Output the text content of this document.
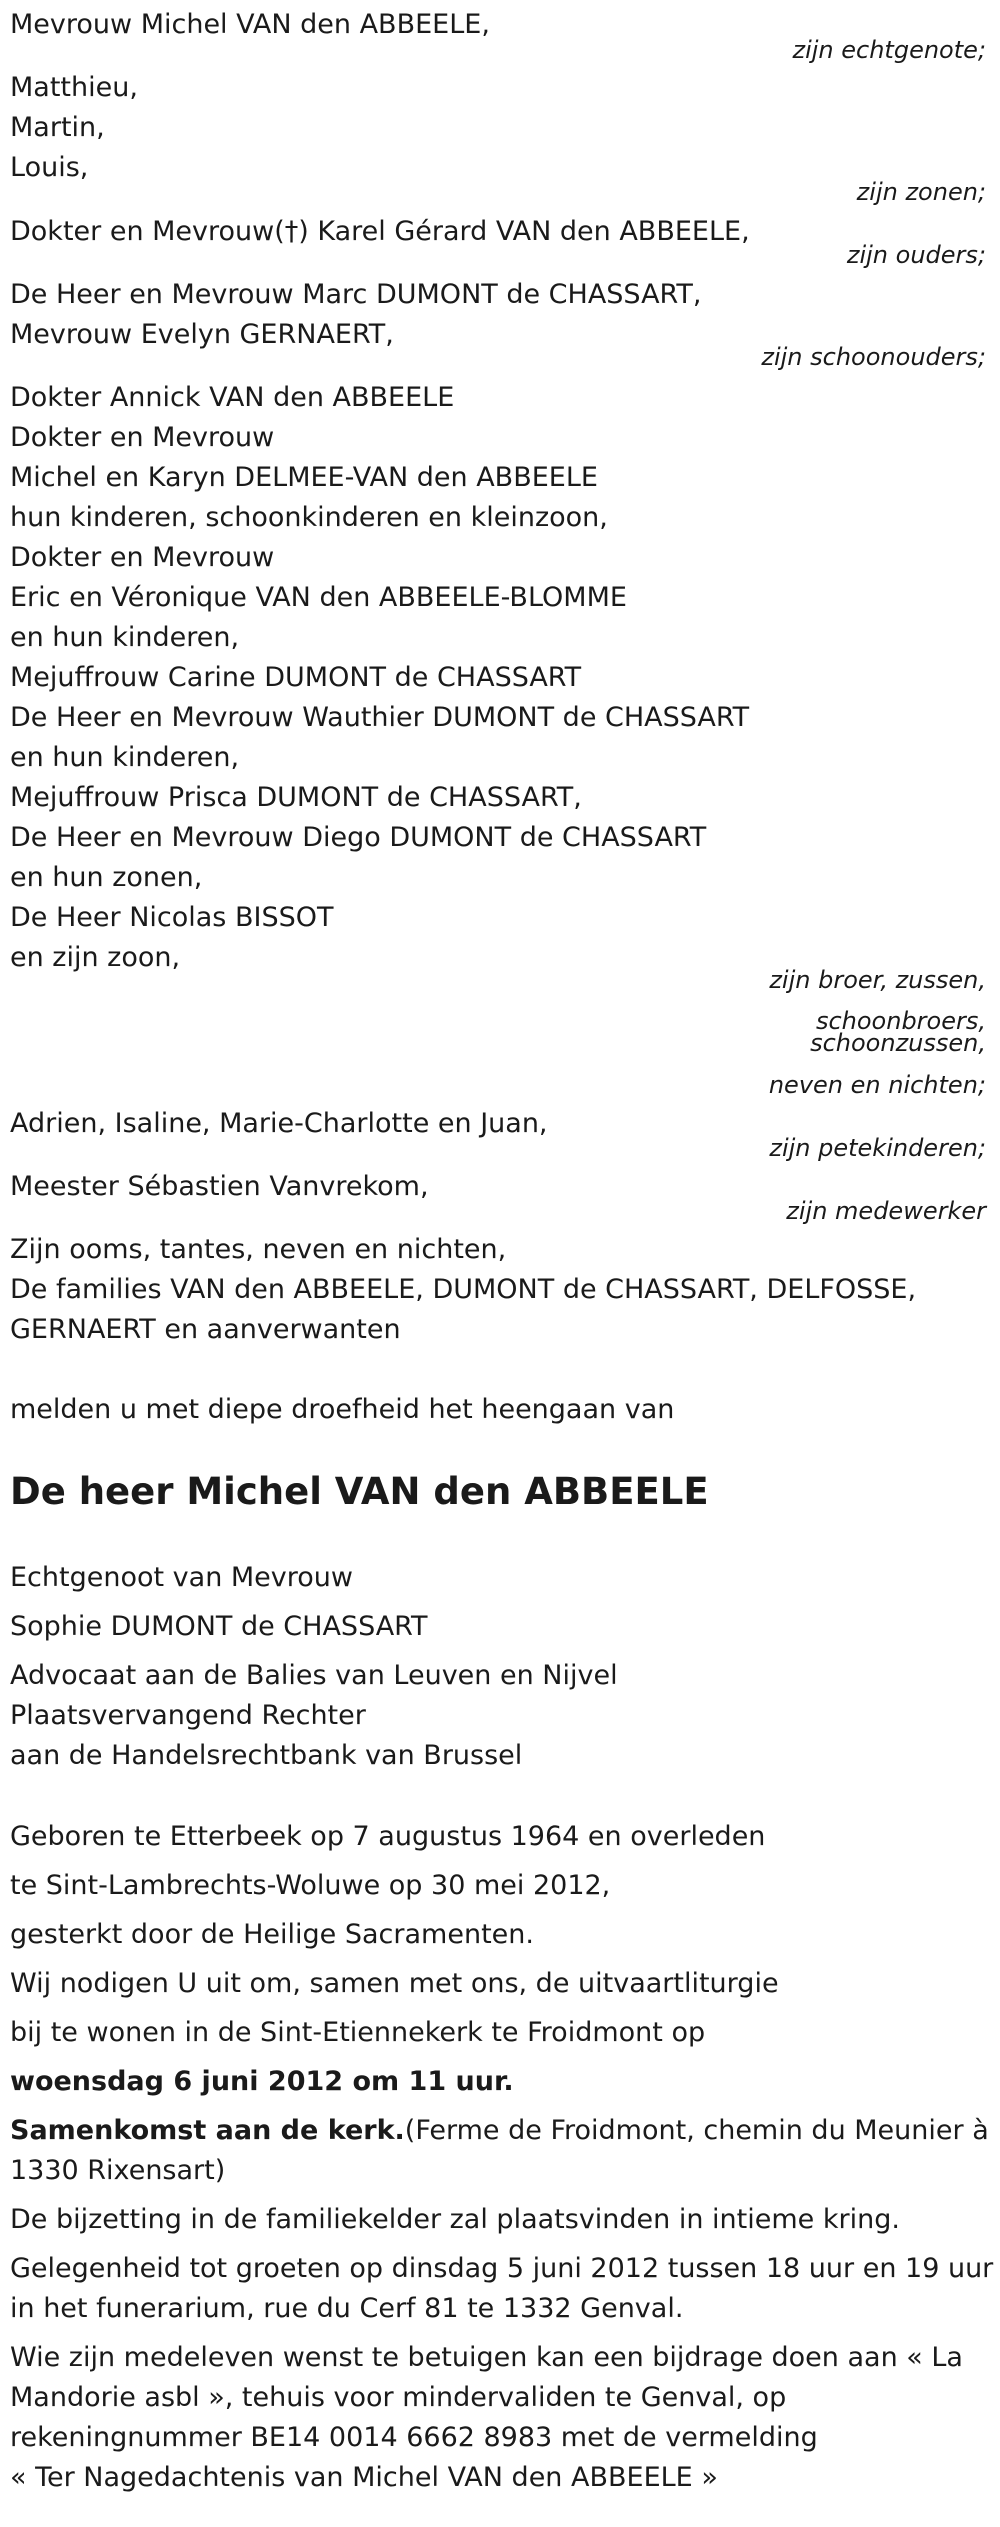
Mevrouw Michel VAN den ABBEELE,
zijn echtgenote;
Matthieu,
Martin,
Louis,
zijn zonen;
Dokter en Mevrouw(†) Karel Gérard VAN den ABBEELE,
zijn ouders;
De Heer en Mevrouw Marc DUMONT de CHASSART,
Mevrouw Evelyn GERNAERT,
zijn schoonouders;
Dokter Annick VAN den ABBEELE
Dokter en Mevrouw
Michel en Karyn DELMEE-VAN den ABBEELE
hun kinderen, schoonkinderen en kleinzoon,
Dokter en Mevrouw
Eric en Véronique VAN den ABBEELE-BLOMME
en hun kinderen,
Mejuffrouw Carine DUMONT de CHASSART
De Heer en Mevrouw Wauthier DUMONT de CHASSART
en hun kinderen,
Mejuffrouw Prisca DUMONT de CHASSART,
De Heer en Mevrouw Diego DUMONT de CHASSART
en hun zonen,
De Heer Nicolas BISSOT
en zijn zoon,
zijn broer, zussen,
schoonbroers,
schoonzussen,
neven en nichten;
Adrien, Isaline, Marie-Charlotte en Juan,
zijn petekinderen;
Meester Sébastien Vanvrekom,
zijn medewerker
Zijn ooms, tantes, neven en nichten,
De families VAN den ABBEELE, DUMONT de CHASSART, DELFOSSE,
GERNAERT en aanverwanten
melden u met diepe droefheid het heengaan van
De heer Michel VAN den ABBEELE
Echtgenoot van Mevrouw
Sophie DUMONT de CHASSART
Advocaat aan de Balies van Leuven en Nijvel
Plaatsvervangend Rechter
aan de Handelsrechtbank van Brussel
Geboren te Etterbeek op 7 augustus 1964 en overleden
te Sint-Lambrechts-Woluwe op 30 mei 2012,
gesterkt door de Heilige Sacramenten.
Wij nodigen U uit om, samen met ons, de uitvaartliturgie
bij te wonen in de Sint-Etiennekerk te Froidmont op
woensdag 6 juni 2012 om 11 uur.
Samenkomst aan de kerk.(Ferme de Froidmont, chemin du Meunier à
1330 Rixensart)
De bijzetting in de familiekelder zal plaatsvinden in intieme kring.
Gelegenheid tot groeten op dinsdag 5 juni 2012 tussen 18 uur en 19 uur
in het funerarium, rue du Cerf 81 te 1332 Genval.
Wie zijn medeleven wenst te betuigen kan een bijdrage doen aan « La
Mandorie asbl », tehuis voor mindervaliden te Genval, op
rekeningnummer BE14 0014 6662 8983 met de vermelding
« Ter Nagedachtenis van Michel VAN den ABBEELE »
